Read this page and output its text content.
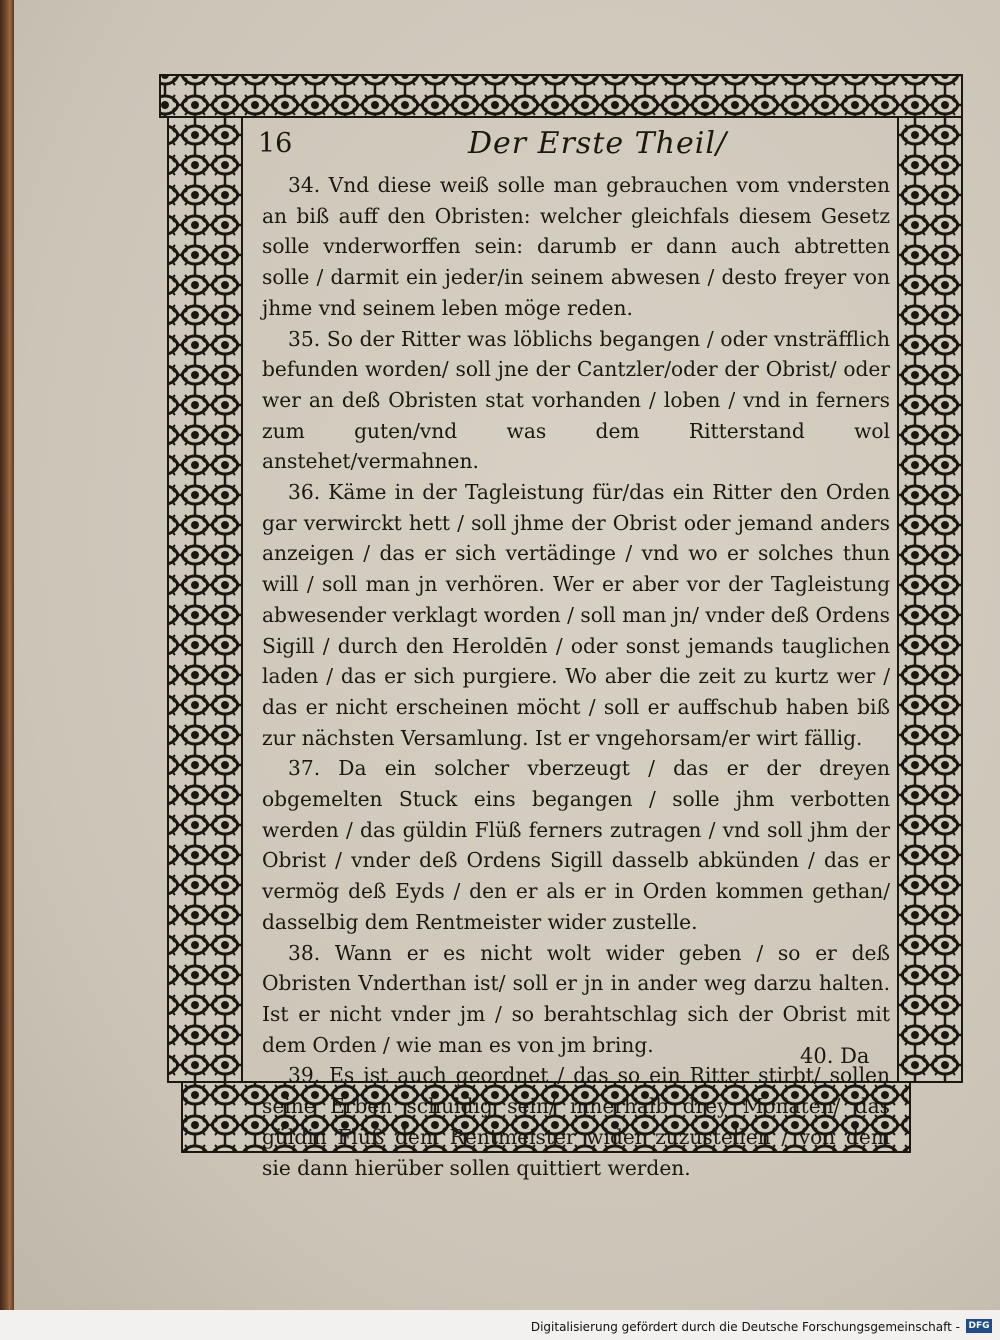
16	Der Erste Theil/

34. Vnd diese weiß solle man gebrauchen vom vndersten an biß auff den Obristen: welcher gleichfals diesem Gesetz solle vnderworffen sein: darumb er dann auch abtretten solle / darmit ein jeder/in seinem abwesen / desto freyer von jhme vnd seinem leben möge reden.

35. So der Ritter was löblichs begangen / oder vnsträfflich befunden worden/ soll jne der Cantzler/oder der Obrist/ oder wer an deß Obristen stat vorhanden / loben / vnd in ferners zum guten/vnd was dem Ritterstand wol anstehet/vermahnen.

36. Käme in der Tagleistung für/das ein Ritter den Orden gar verwirckt hett / soll jhme der Obrist oder jemand anders anzeigen / das er sich vertädinge / vnd wo er solches thun will / soll man jn verhören. Wer er aber vor der Tagleistung abwesender verklagt worden / soll man jn/ vnder deß Ordens Sigill / durch den Heroldēn / oder sonst jemands tauglichen laden / das er sich purgiere. Wo aber die zeit zu kurtz wer / das er nicht erscheinen möcht / soll er auffschub haben biß zur nächsten Versamlung. Ist er vngehorsam/er wirt fällig.

37. Da ein solcher vberzeugt / das er der dreyen obgemelten Stuck eins begangen / solle jhm verbotten werden / das güldin Flüß ferners zutragen / vnd soll jhm der Obrist / vnder deß Ordens Sigill dasselb abkünden / das er vermög deß Eyds / den er als er in Orden kommen gethan/ dasselbig dem Rentmeister wider zustelle.

38. Wann er es nicht wolt wider geben / so er deß Obristen Vnderthan ist/ soll er jn in ander weg darzu halten. Ist er nicht vnder jm / so berahtschlag sich der Obrist mit dem Orden / wie man es von jm bring.

39. Es ist auch geordnet / das so ein Ritter stirbt/ sollen seine Erben schuldig sein/ innerhalb drey Monaten/ das güldin Flüß dem Rentmeister wider zuzustellen / von dem sie dann hierüber sollen quittiert werden.

40. Da
Digitalisierung gefördert durch die Deutsche Forschungsgemeinschaft - DFG
